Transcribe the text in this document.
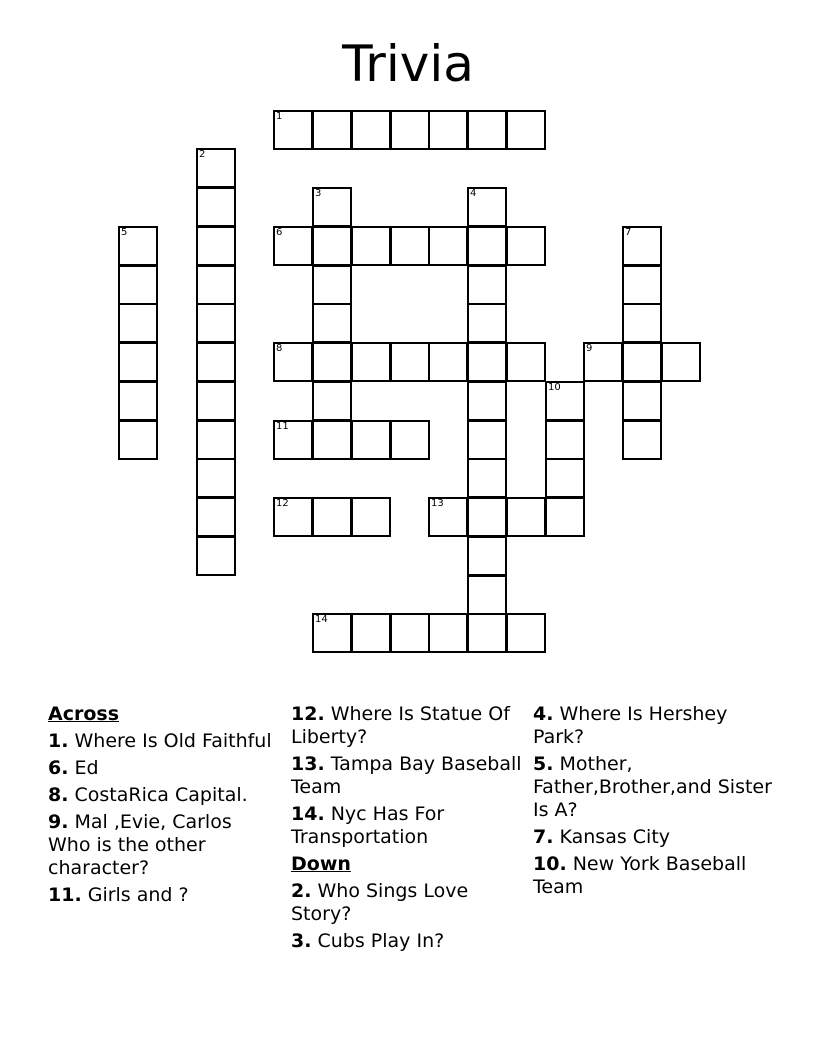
Trivia
1
2
3	4
5	6	7
8	9
10
11
12	13
14
Across
1. Where Is Old Faithful
6. Ed
8. CostaRica Capital.
9. Mal ,Evie, Carlos Who is the other character?
11. Girls and ?
12. Where Is Statue Of Liberty?
13. Tampa Bay Baseball Team
14. Nyc Has For Transportation
Down
2. Who Sings Love Story?
3. Cubs Play In?
4. Where Is Hershey Park?
5. Mother, Father,Brother,and Sister Is A?
7. Kansas City
10. New York Baseball Team
